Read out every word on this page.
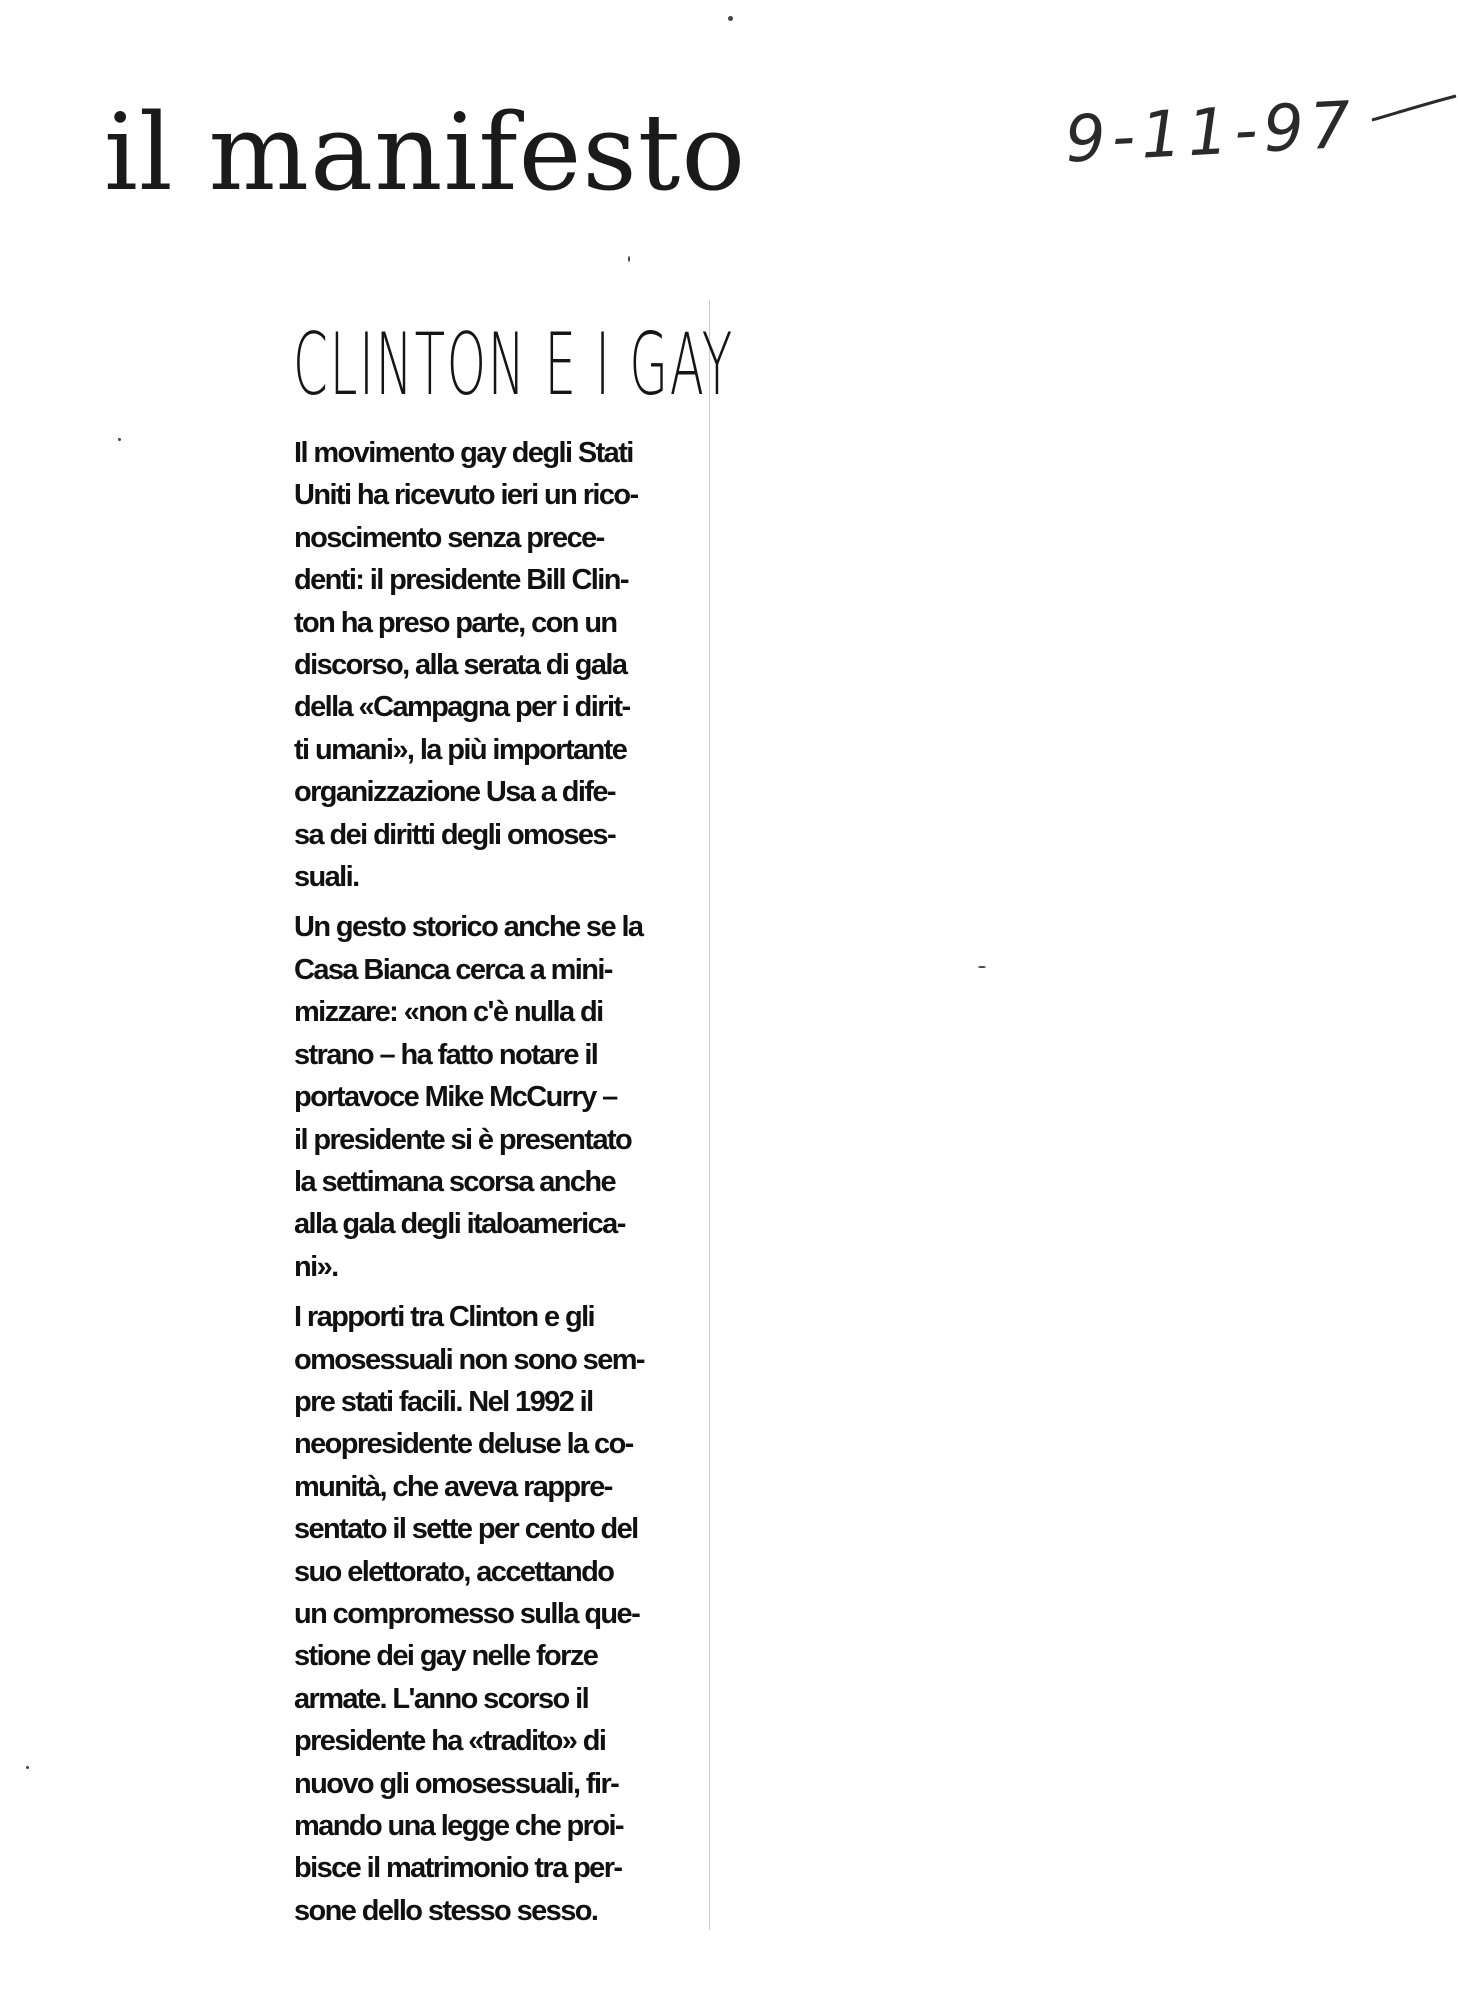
il manifesto	9-11-97
CLINTON E I GAY
Il movimento gay degli Stati
Uniti ha ricevuto ieri un rico-
noscimento senza prece-
denti: il presidente Bill Clin-
ton ha preso parte, con un
discorso, alla serata di gala
della «Campagna per i dirit-
ti umani», la più importante
organizzazione Usa a dife-
sa dei diritti degli omoses-
suali.
Un gesto storico anche se la
Casa Bianca cerca a mini-
mizzare: «non c'è nulla di
strano – ha fatto notare il
portavoce Mike McCurry –
il presidente si è presentato
la settimana scorsa anche
alla gala degli italoamerica-
ni».
I rapporti tra Clinton e gli
omosessuali non sono sem-
pre stati facili. Nel 1992 il
neopresidente deluse la co-
munità, che aveva rappre-
sentato il sette per cento del
suo elettorato, accettando
un compromesso sulla que-
stione dei gay nelle forze
armate. L'anno scorso il
presidente ha «tradito» di
nuovo gli omosessuali, fir-
mando una legge che proi-
bisce il matrimonio tra per-
sone dello stesso sesso.
